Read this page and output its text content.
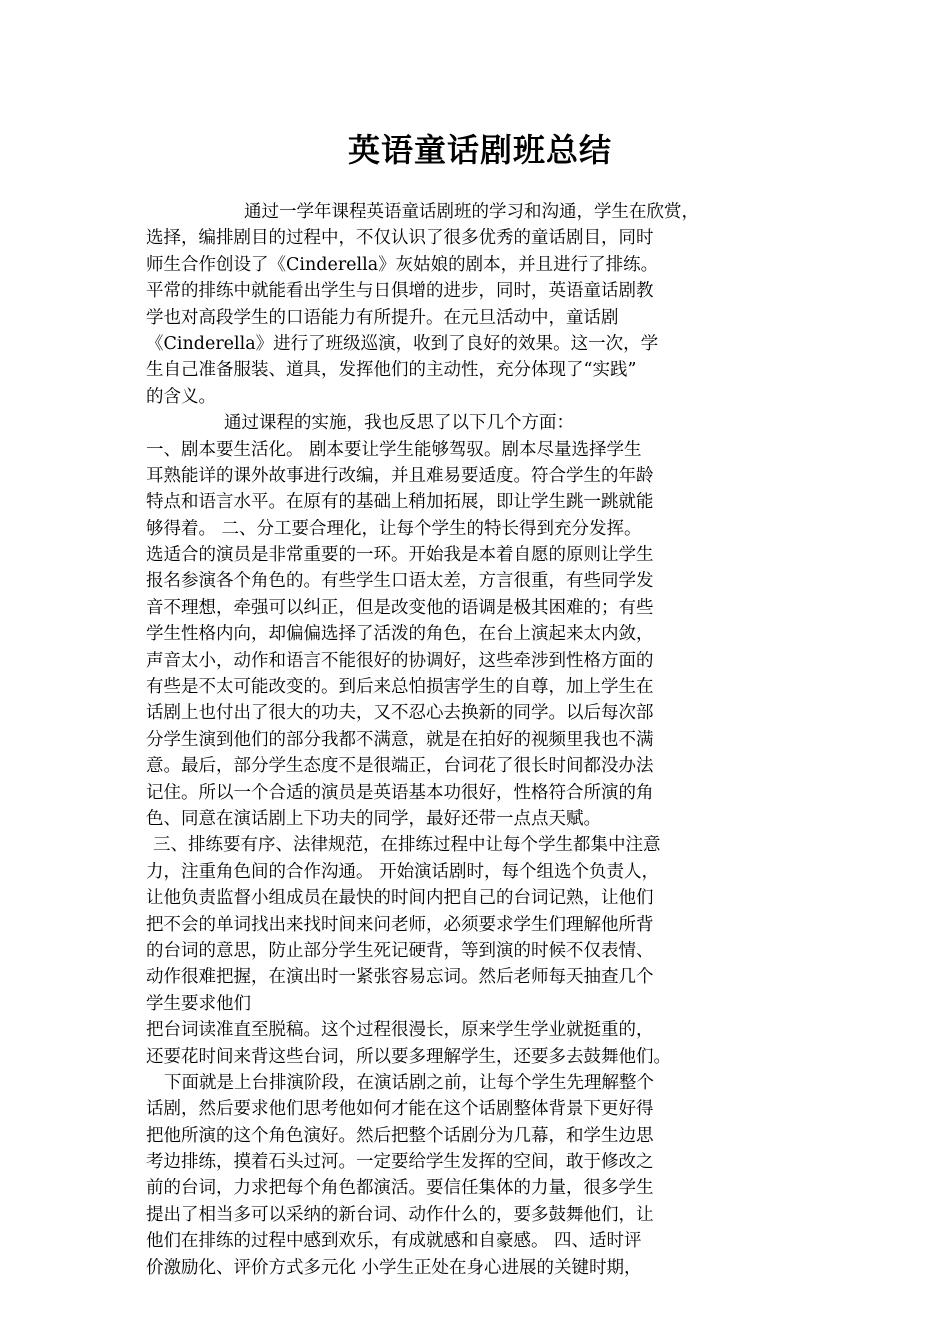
英语童话剧班总结
通过一学年课程英语童话剧班的学习和沟通，学生在欣赏，
选择，编排剧目的过程中，不仅认识了很多优秀的童话剧目，同时
师生合作创设了《Cinderella》灰姑娘的剧本，并且进行了排练。
平常的排练中就能看出学生与日俱增的进步，同时，英语童话剧教
学也对高段学生的口语能力有所提升。在元旦活动中，童话剧
《Cinderella》进行了班级巡演，收到了良好的效果。这一次，学
生自己准备服装、道具，发挥他们的主动性，充分体现了“实践”
的含义。
通过课程的实施，我也反思了以下几个方面：
一、剧本要生活化。 剧本要让学生能够驾驭。剧本尽量选择学生
耳熟能详的课外故事进行改编，并且难易要适度。符合学生的年龄
特点和语言水平。在原有的基础上稍加拓展，即让学生跳一跳就能
够得着。 二、分工要合理化，让每个学生的特长得到充分发挥。
选适合的演员是非常重要的一环。开始我是本着自愿的原则让学生
报名参演各个角色的。有些学生口语太差，方言很重，有些同学发
音不理想，牵强可以纠正，但是改变他的语调是极其困难的；有些
学生性格内向，却偏偏选择了活泼的角色，在台上演起来太内敛，
声音太小，动作和语言不能很好的协调好，这些牵涉到性格方面的
有些是不太可能改变的。到后来总怕损害学生的自尊，加上学生在
话剧上也付出了很大的功夫，又不忍心去换新的同学。以后每次部
分学生演到他们的部分我都不满意，就是在拍好的视频里我也不满
意。最后，部分学生态度不是很端正，台词花了很长时间都没办法
记住。所以一个合适的演员是英语基本功很好，性格符合所演的角
色、同意在演话剧上下功夫的同学，最好还带一点点天赋。
三、排练要有序、法律规范，在排练过程中让每个学生都集中注意
力，注重角色间的合作沟通。 开始演话剧时，每个组选个负责人，
让他负责监督小组成员在最快的时间内把自己的台词记熟，让他们
把不会的单词找出来找时间来问老师，必须要求学生们理解他所背
的台词的意思，防止部分学生死记硬背，等到演的时候不仅表情、
动作很难把握，在演出时一紧张容易忘词。然后老师每天抽查几个
学生要求他们
把台词读准直至脱稿。这个过程很漫长，原来学生学业就挺重的，
还要花时间来背这些台词，所以要多理解学生，还要多去鼓舞他们。
下面就是上台排演阶段，在演话剧之前，让每个学生先理解整个
话剧，然后要求他们思考他如何才能在这个话剧整体背景下更好得
把他所演的这个角色演好。然后把整个话剧分为几幕，和学生边思
考边排练，摸着石头过河。一定要给学生发挥的空间，敢于修改之
前的台词，力求把每个角色都演活。要信任集体的力量，很多学生
提出了相当多可以采纳的新台词、动作什么的，要多鼓舞他们，让
他们在排练的过程中感到欢乐，有成就感和自豪感。 四、适时评
价激励化、评价方式多元化 小学生正处在身心进展的关键时期，
